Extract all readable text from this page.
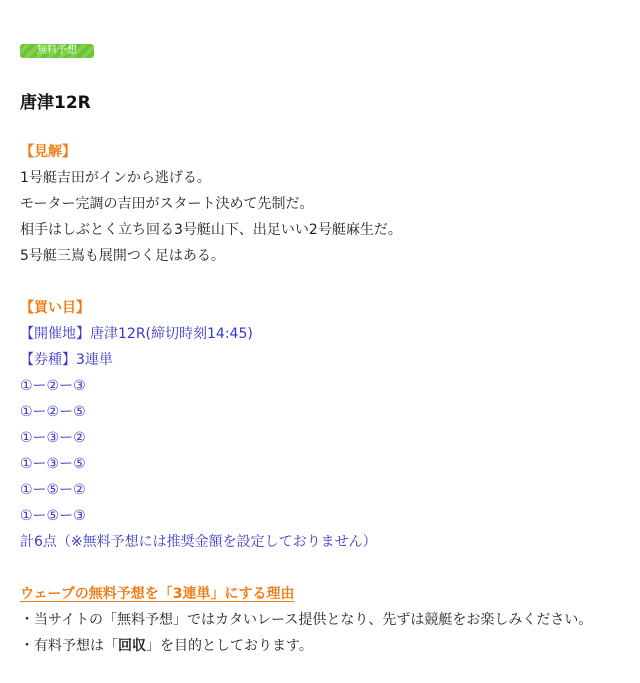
無料予想
唐津12R
【見解】
1号艇吉田がインから逃げる。
モーター完調の吉田がスタート決めて先制だ。
相手はしぶとく立ち回る3号艇山下、出足いい2号艇麻生だ。
5号艇三嶌も展開つく足はある。
【買い目】
【開催地】唐津12R(締切時刻14:45)
【券種】3連単
①ー②ー③
①ー②ー⑤
①ー③ー②
①ー③ー⑤
①ー⑤ー②
①ー⑤ー③
計6点（※無料予想には推奨金額を設定しておりません）
ウェーブの無料予想を「3連単」にする理由
・当サイトの「無料予想」ではカタいレース提供となり、先ずは競艇をお楽しみください。
・有料予想は「回収」を目的としております。
